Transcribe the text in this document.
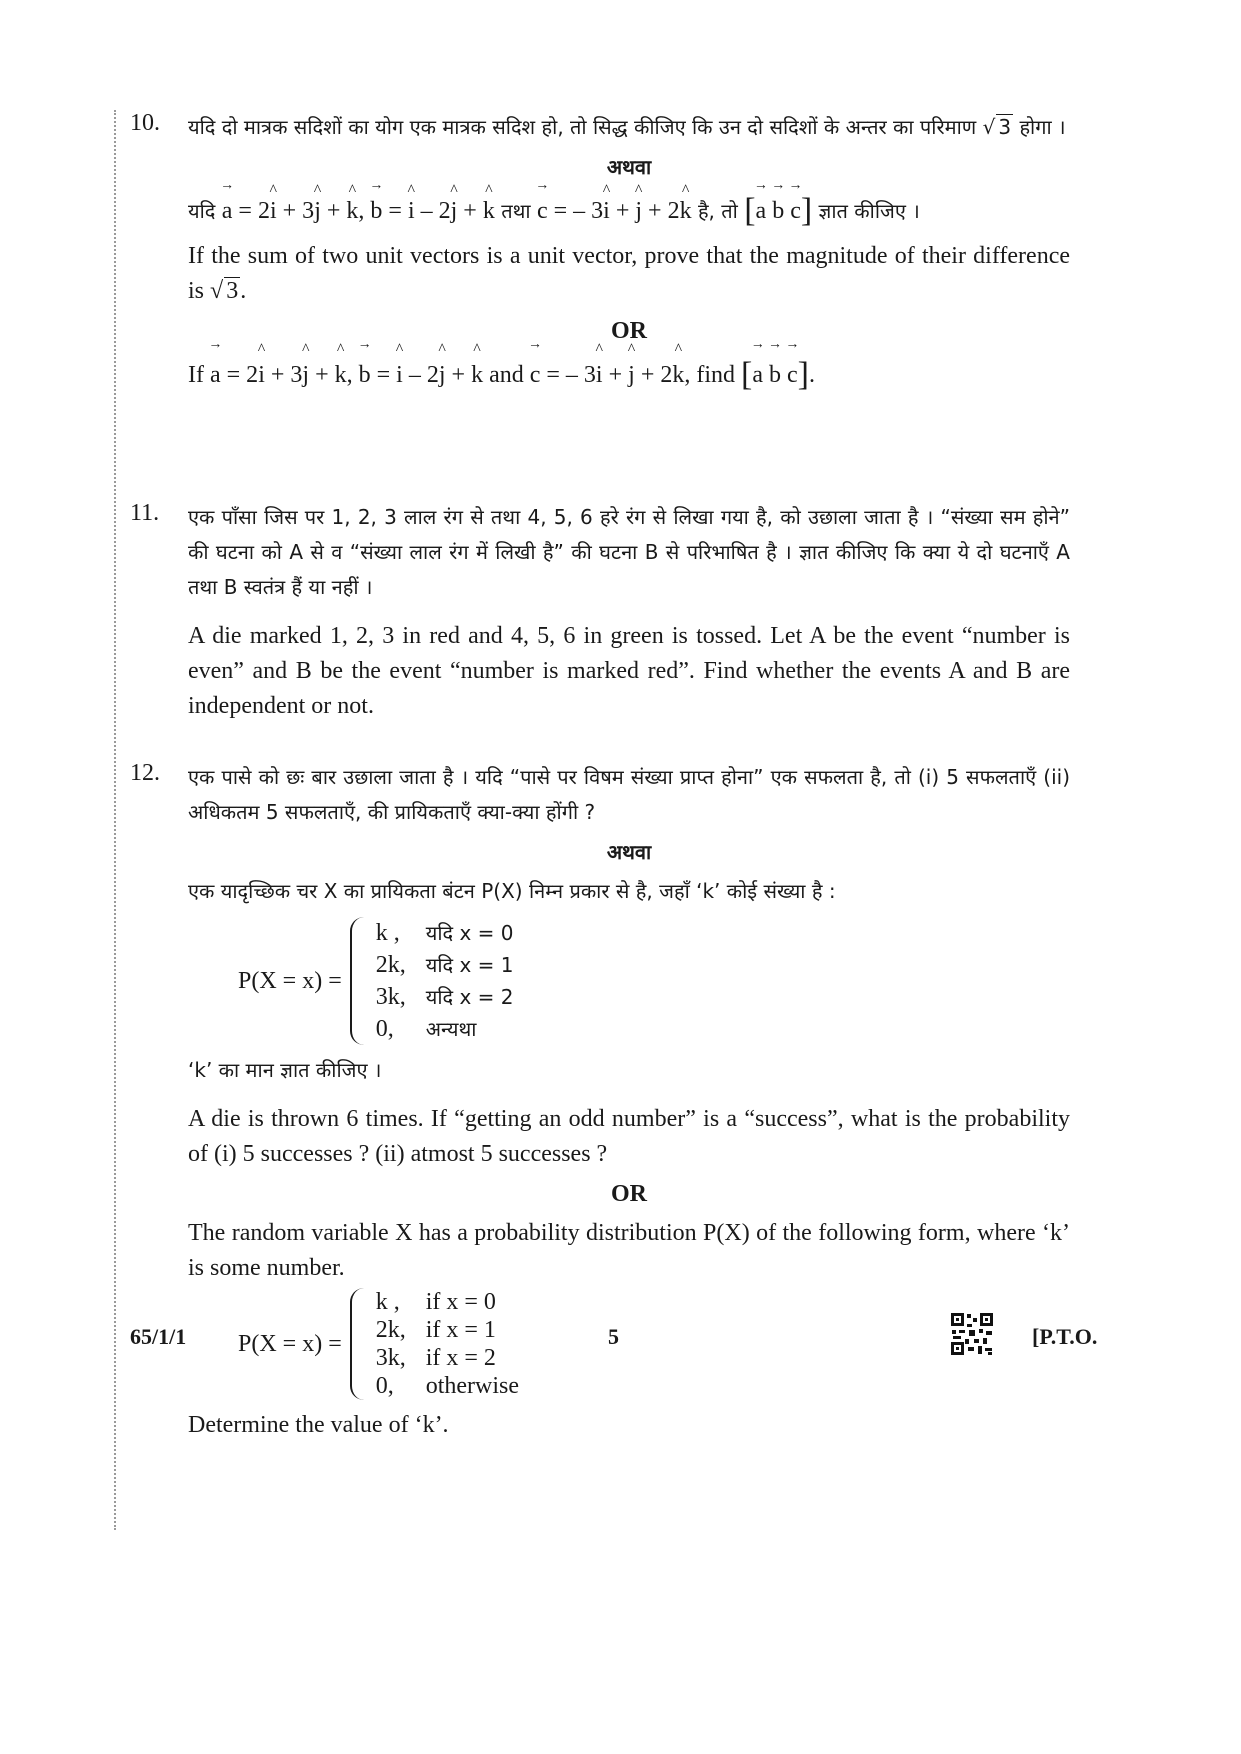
10.	यदि दो मात्रक सदिशों का योग एक मात्रक सदिश हो, तो सिद्ध कीजिए कि उन दो सदिशों के अन्तर का परिमाण √ 3 होगा ।

अथवा

यदि → a = 2^ i + 3^ j + ^ k, → b = ^ i – 2^ j + ^ k तथा → c = – 3^ i + ^ j + 2^ k है, तो [→ a → b → c] ज्ञात कीजिए ।

If the sum of two unit vectors is a unit vector, prove that the magnitude of their difference is √ 3.

OR

If → a = 2^ i + 3^ j + ^ k, → b = ^ i – 2^ j + ^ k and → c = – 3^ i + ^ j + 2^ k, find [→ a → b → c].

11.	एक पाँसा जिस पर 1, 2, 3 लाल रंग से तथा 4, 5, 6 हरे रंग से लिखा गया है, को उछाला जाता है । “संख्या सम होने” की घटना को A से व “संख्या लाल रंग में लिखी है” की घटना B से परिभाषित है । ज्ञात कीजिए कि क्या ये दो घटनाएँ A तथा B स्वतंत्र हैं या नहीं ।

A die marked 1, 2, 3 in red and 4, 5, 6 in green is tossed. Let A be the event “number is even” and B be the event “number is marked red”. Find whether the events A and B are independent or not.

12.	एक पासे को छः बार उछाला जाता है । यदि “पासे पर विषम संख्या प्राप्त होना” एक सफलता है, तो (i) 5 सफलताएँ (ii) अधिकतम 5 सफलताएँ, की प्रायिकताएँ क्या-क्या होंगी ?

अथवा

एक यादृच्छिक चर X का प्रायिकता बंटन P(X) निम्न प्रकार से है, जहाँ ‘k’ कोई संख्या है :

P(X = x) =
k ,	यदि x = 0
2k,	यदि x = 1
3k,	यदि x = 2
0,	अन्यथा

‘k’ का मान ज्ञात कीजिए ।

A die is thrown 6 times. If “getting an odd number” is a “success”, what is the probability of (i) 5 successes ? (ii) atmost 5 successes ?

OR

The random variable X has a probability distribution P(X) of the following form, where ‘k’ is some number.

P(X = x) =
k ,	if x = 0
2k, if x = 1
3k, if x = 2
0,	otherwise

Determine the value of ‘k’.

65/1/1	5	[P.T.O.
